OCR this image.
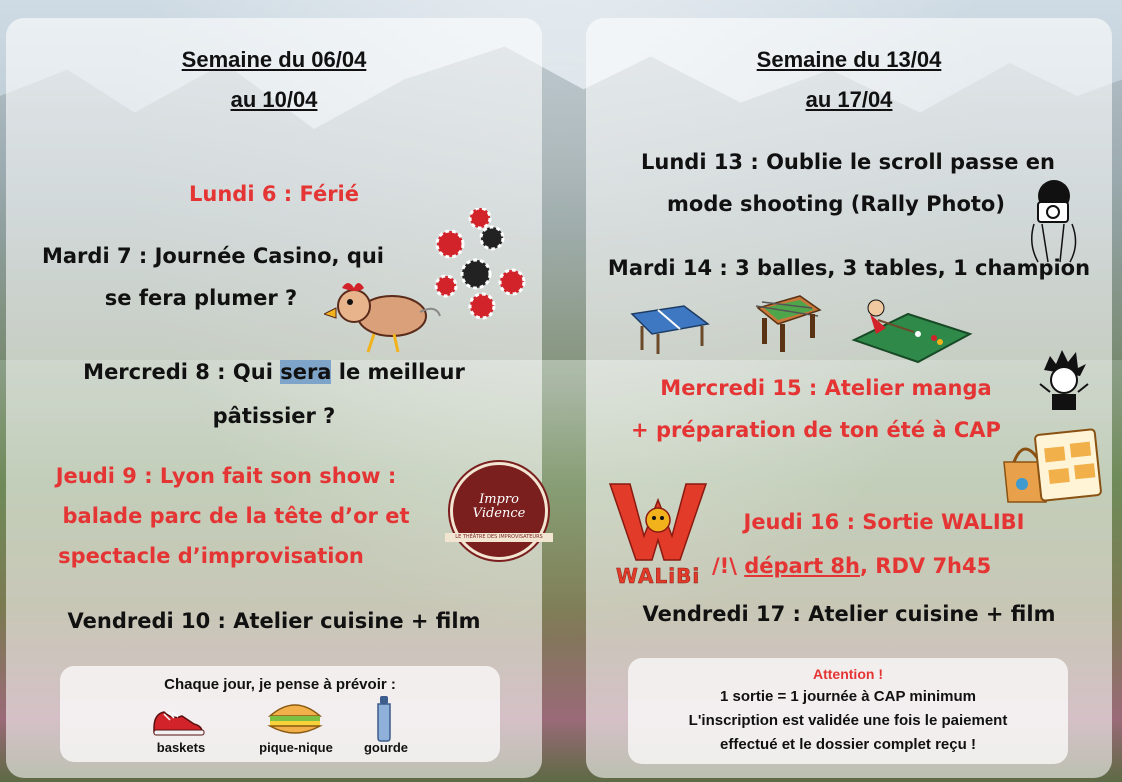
Semaine du 06/04
au 10/04
Lundi 6 : Férié
Mardi 7 : Journée Casino, qui
se fera plumer ?
Mercredi 8 : Qui sera le meilleur
pâtissier ?
Jeudi 9 : Lyon fait son show :
balade parc de la tête d’or et
spectacle d’improvisation
Impro
Vidence
LE THÉÂTRE DES IMPROVISATEURS
Vendredi 10 : Atelier cuisine + film
Chaque jour, je pense à prévoir :
baskets	pique-nique	gourde
Semaine du 13/04
au 17/04
Lundi 13 : Oublie le scroll passe en
mode shooting (Rally Photo)
Mardi 14 : 3 balles, 3 tables, 1 champion
Mercredi 15 : Atelier manga
+ préparation de ton été à CAP
WALiBi
Jeudi 16 : Sortie WALIBI
/!\ départ 8h, RDV 7h45
Vendredi 17 : Atelier cuisine + film
Attention !
1 sortie = 1 journée à CAP minimum
L'inscription est validée une fois le paiement
effectué et le dossier complet reçu !
